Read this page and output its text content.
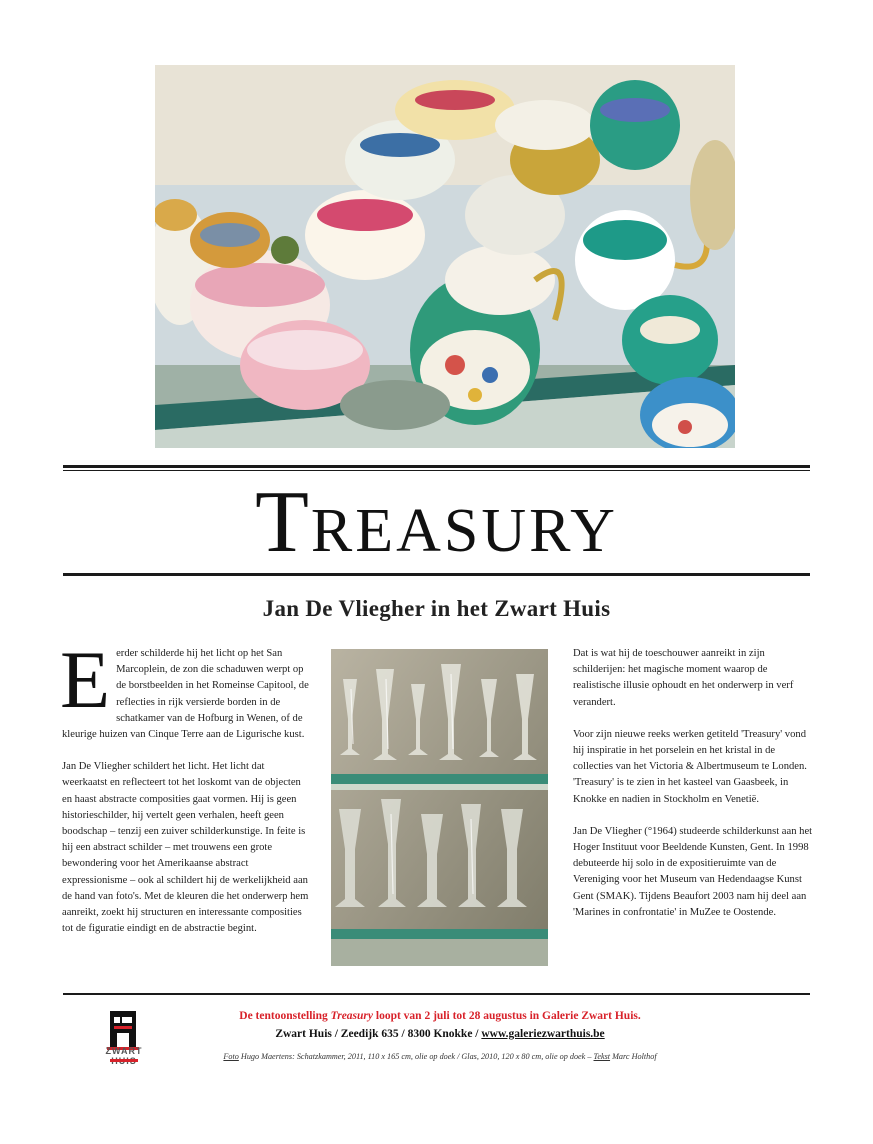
TREASURY
Jan De Vliegher in het Zwart Huis

Eerder schilderde hij het licht op het San Marcoplein, de zon die schaduwen werpt op de borstbeelden in het Romeinse Capitool, de reflecties in rijk versierde borden in de schatkamer van de Hofburg in Wenen, of de kleurige huizen van Cinque Terre aan de Ligurische kust.

Jan De Vliegher schildert het licht. Het licht dat weerkaatst en reflecteert tot het loskomt van de objecten en haast abstracte composities gaat vormen. Hij is geen historieschilder, hij vertelt geen verhalen, heeft geen boodschap – tenzij een zuiver schilderkunstige. In feite is hij een abstract schilder – met trouwens een grote bewondering voor het Amerikaanse abstract expressionisme – ook al schildert hij de werkelijkheid aan de hand van foto's. Met de kleuren die het onderwerp hem aanreikt, zoekt hij structuren en interessante composities tot de figuratie eindigt en de abstractie begint.

Dat is wat hij de toeschouwer aanreikt in zijn schilderijen: het magische moment waarop de realistische illusie ophoudt en het onderwerp in verf verandert.

Voor zijn nieuwe reeks werken getiteld 'Treasury' vond hij inspiratie in het porselein en het kristal in de collecties van het Victoria & Albertmuseum te Londen. 'Treasury' is te zien in het kasteel van Gaasbeek, in Knokke en nadien in Stockholm en Venetië.

Jan De Vliegher (°1964) studeerde schilderkunst aan het Hoger Instituut voor Beeldende Kunsten, Gent. In 1998 debuteerde hij solo in de expositieruimte van de Vereniging voor het Museum van Hedendaagse Kunst Gent (SMAK). Tijdens Beaufort 2003 nam hij deel aan 'Marines in confrontatie' in MuZee te Oostende.

ZWART
De tentoonstelling Treasury loopt van 2 juli tot 28 augustus in Galerie Zwart Huis.
Zwart Huis / Zeedijk 635 / 8300 Knokke / www.galeriezwarthuis.be
Foto Hugo Maertens: Schatzkammer, 2011, 110 x 165 cm, olie op doek / Glas, 2010, 120 x 80 cm, olie op doek – Tekst Marc Holthof
